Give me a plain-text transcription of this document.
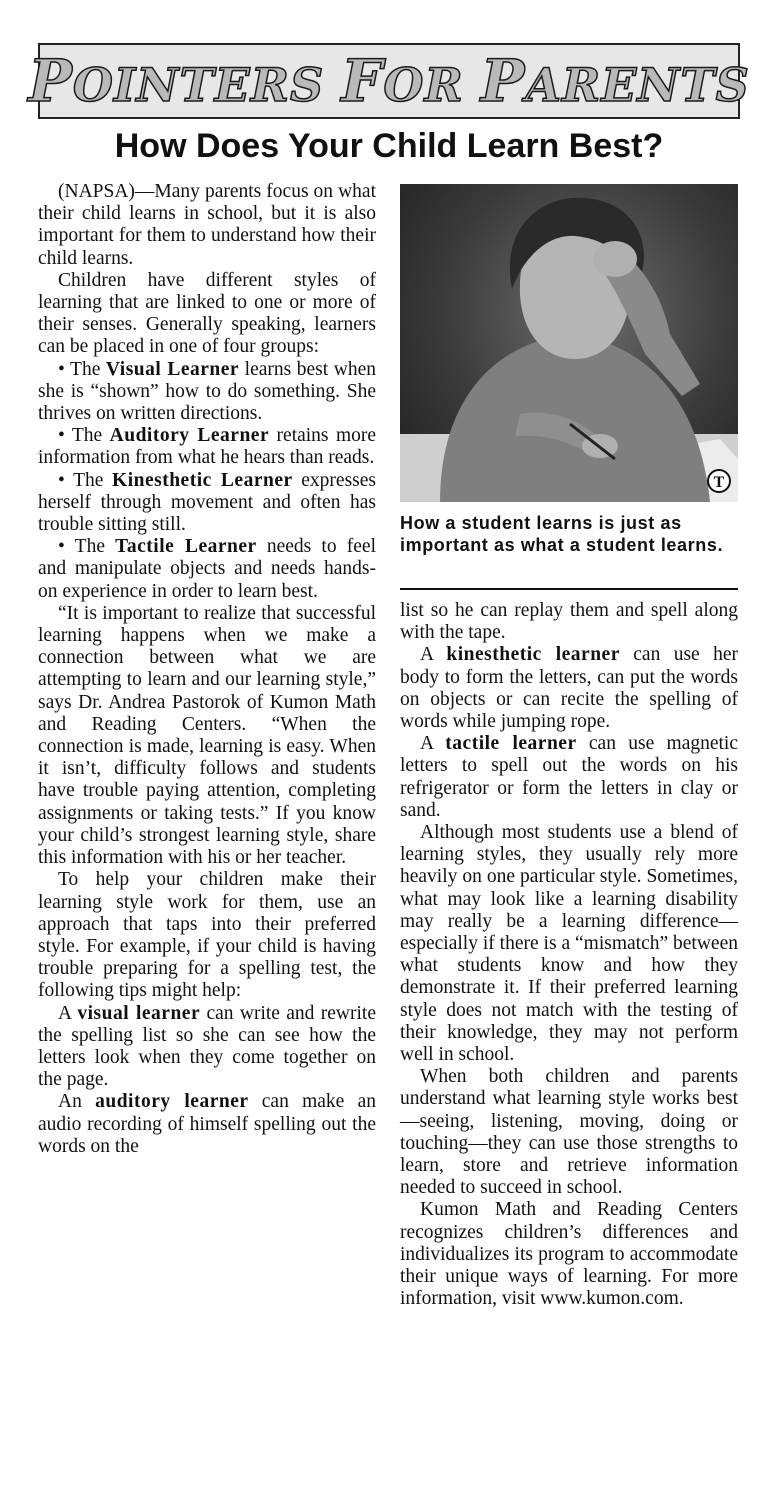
POINTERS FOR PARENTS
How Does Your Child Learn Best?

(NAPSA)—Many parents focus on what their child learns in school, but it is also important for them to understand how their child learns.

Children have different styles of learning that are linked to one or more of their senses. Generally speaking, learners can be placed in one of four groups:

• The Visual Learner learns best when she is “shown” how to do something. She thrives on written directions.

• The Auditory Learner retains more information from what he hears than reads.

• The Kinesthetic Learner expresses herself through movement and often has trouble sitting still.

• The Tactile Learner needs to feel and manipulate objects and needs hands-on experience in order to learn best.

“It is important to realize that successful learning happens when we make a connection between what we are attempting to learn and our learning style,” says Dr. Andrea Pastorok of Kumon Math and Reading Centers. “When the connection is made, learning is easy. When it isn’t, difficulty follows and students have trouble paying attention, completing assignments or taking tests.” If you know your child’s strongest learning style, share this information with his or her teacher.

To help your children make their learning style work for them, use an approach that taps into their preferred style. For example, if your child is having trouble preparing for a spelling test, the following tips might help:

A visual learner can write and rewrite the spelling list so she can see how the letters look when they come together on the page.

An auditory learner can make an audio recording of himself spelling out the words on the

T

How a student learns is just as important as what a student learns.

list so he can replay them and spell along with the tape.

A kinesthetic learner can use her body to form the letters, can put the words on objects or can recite the spelling of words while jumping rope.

A tactile learner can use magnetic letters to spell out the words on his refrigerator or form the letters in clay or sand.

Although most students use a blend of learning styles, they usually rely more heavily on one particular style. Sometimes, what may look like a learning disability may really be a learning difference—especially if there is a “mismatch” between what students know and how they demonstrate it. If their preferred learning style does not match with the testing of their knowledge, they may not perform well in school.

When both children and parents understand what learning style works best—seeing, listening, moving, doing or touching—they can use those strengths to learn, store and retrieve information needed to succeed in school.

Kumon Math and Reading Centers recognizes children’s differences and individualizes its program to accommodate their unique ways of learning. For more information, visit www.kumon.com.
